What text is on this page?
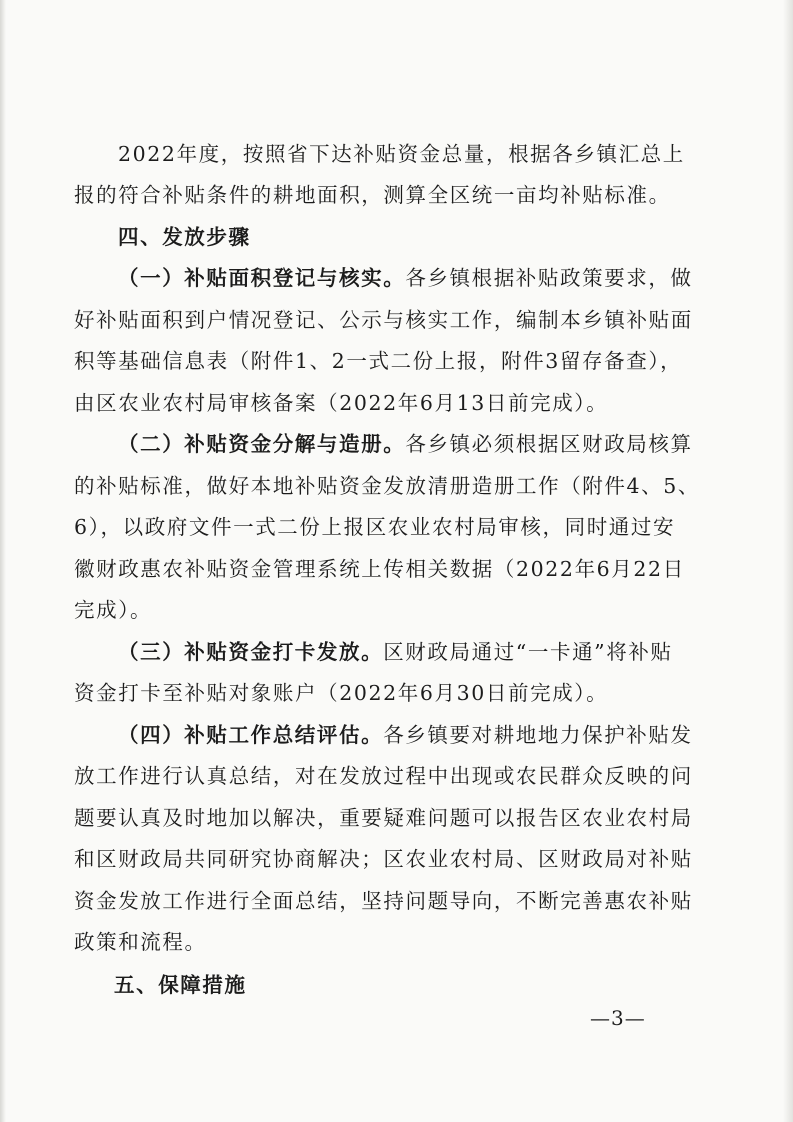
2022年度，按照省下达补贴资金总量，根据各乡镇汇总上
报的符合补贴条件的耕地面积，测算全区统一亩均补贴标准。
四、发放步骤
（一）补贴面积登记与核实。各乡镇根据补贴政策要求，做
好补贴面积到户情况登记、公示与核实工作，编制本乡镇补贴面
积等基础信息表（附件1、2一式二份上报，附件3留存备查），
由区农业农村局审核备案（2022年6月13日前完成）。
（二）补贴资金分解与造册。各乡镇必须根据区财政局核算
的补贴标准，做好本地补贴资金发放清册造册工作（附件4、5、
6），以政府文件一式二份上报区农业农村局审核，同时通过安
徽财政惠农补贴资金管理系统上传相关数据（2022年6月22日
完成）。
（三）补贴资金打卡发放。区财政局通过“一卡通”将补贴
资金打卡至补贴对象账户（2022年6月30日前完成）。
（四）补贴工作总结评估。各乡镇要对耕地地力保护补贴发
放工作进行认真总结，对在发放过程中出现或农民群众反映的问
题要认真及时地加以解决，重要疑难问题可以报告区农业农村局
和区财政局共同研究协商解决；区农业农村局、区财政局对补贴
资金发放工作进行全面总结，坚持问题导向，不断完善惠农补贴
政策和流程。
五、保障措施
—3—
